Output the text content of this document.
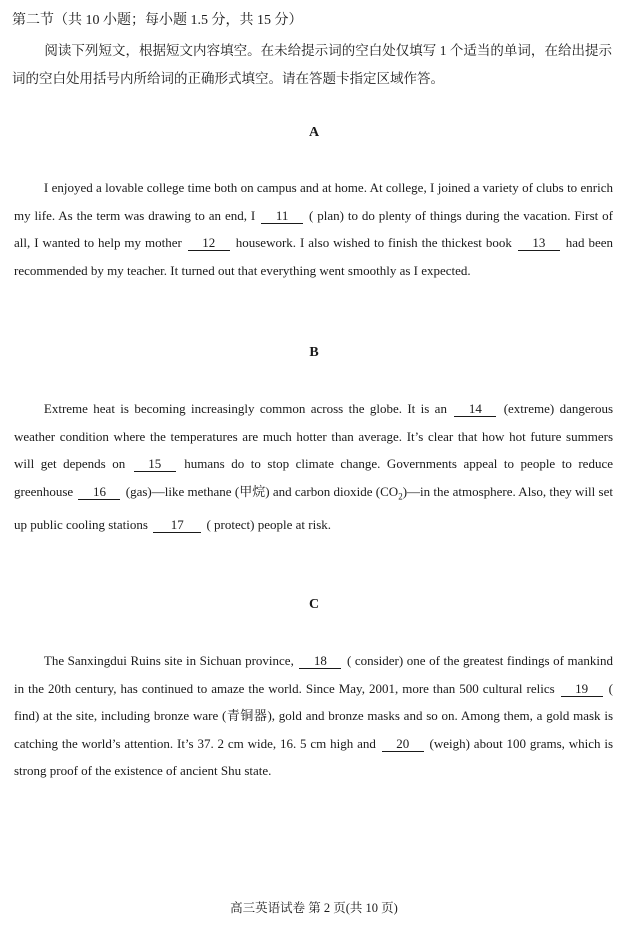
第二节（共 10 小题；每小题 1.5 分，共 15 分）
阅读下列短文，根据短文内容填空。在未给提示词的空白处仅填写 1 个适当的单词，在给出提示词的空白处用括号内所给词的正确形式填空。请在答题卡指定区域作答。
A
I enjoyed a lovable college time both on campus and at home. At college, I joined a variety of clubs to enrich my life. As the term was drawing to an end, I 11 ( plan) to do plenty of things during the vacation. First of all, I wanted to help my mother 12 housework. I also wished to finish the thickest book 13 had been recommended by my teacher. It turned out that everything went smoothly as I expected.
B
Extreme heat is becoming increasingly common across the globe. It is an 14 (extreme) dangerous weather condition where the temperatures are much hotter than average. It’s clear that how hot future summers will get depends on 15 humans do to stop climate change. Governments appeal to people to reduce greenhouse 16 (gas)—like methane (甲烷) and carbon dioxide $(CO_2)—in$ the atmosphere. Also, they will set up public cooling stations 17 ( protect) people at risk.
C
The Sanxingdui Ruins site in Sichuan province, 18 ( consider) one of the greatest findings of mankind in the 20th century, has continued to amaze the world. Since May, 2001, more than 500 cultural relics 19 ( find) at the site, including bronze ware (青铜器), gold and bronze masks and so on. Among them, a gold mask is catching the world’s attention. It’s 37. 2 cm wide, 16. 5 cm high and 20 (weigh) about 100 grams, which is strong proof of the existence of ancient Shu state.
高三英语试卷 第 2 页(共 10 页)
